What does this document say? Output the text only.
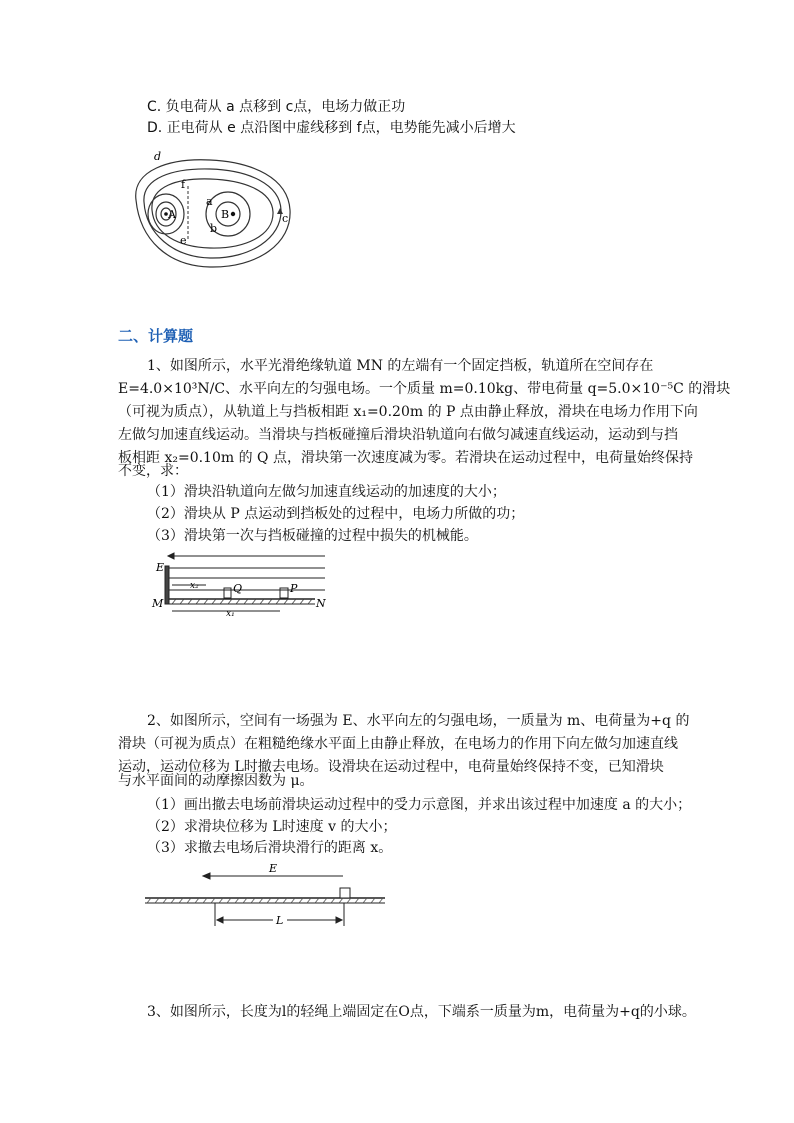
C. 负电荷从 a 点移到 c点，电场力做正功
D. 正电荷从 e 点沿图中虚线移到 f点，电势能先减小后增大
d
f
a
A	B	c
b
e
二、计算题
1、如图所示，水平光滑绝缘轨道 MN 的左端有一个固定挡板，轨道所在空间存在
E=4.0×10³N/C、水平向左的匀强电场。一个质量 m=0.10kg、带电荷量 q=5.0×10⁻⁵C 的滑块
（可视为质点），从轨道上与挡板相距 x₁=0.20m 的 P 点由静止释放，滑块在电场力作用下向
左做匀加速直线运动。当滑块与挡板碰撞后滑块沿轨道向右做匀减速直线运动，运动到与挡
板相距 x₂=0.10m 的 Q 点，滑块第一次速度减为零。若滑块在运动过程中，电荷量始终保持
不变，求：
（1）滑块沿轨道向左做匀加速直线运动的加速度的大小；
（2）滑块从 P 点运动到挡板处的过程中，电场力所做的功；
（3）滑块第一次与挡板碰撞的过程中损失的机械能。
E
x₂	Q	P
M	N
x₁
2、如图所示，空间有一场强为 E、水平向左的匀强电场，一质量为 m、电荷量为+q 的
滑块（可视为质点）在粗糙绝缘水平面上由静止释放，在电场力的作用下向左做匀加速直线
运动，运动位移为 L时撤去电场。设滑块在运动过程中，电荷量始终保持不变，已知滑块
与水平面间的动摩擦因数为 μ。
（1）画出撤去电场前滑块运动过程中的受力示意图，并求出该过程中加速度 a 的大小；
（2）求滑块位移为 L时速度 v 的大小；
（3）求撤去电场后滑块滑行的距离 x。
E
L
3、如图所示，长度为l的轻绳上端固定在O点，下端系一质量为m，电荷量为+q的小球。
